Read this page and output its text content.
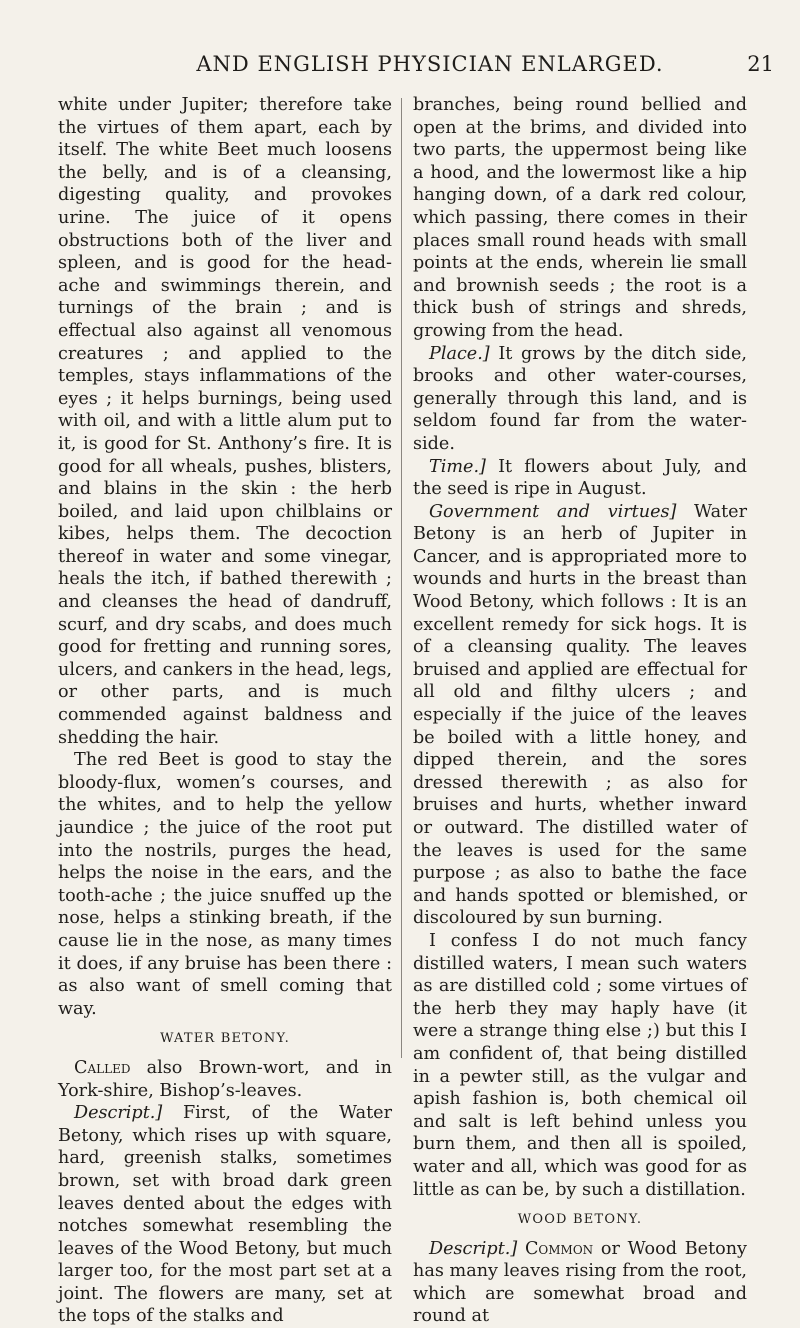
AND ENGLISH PHYSICIAN ENLARGED.	21

white under Jupiter; therefore take the virtues of them apart, each by itself. The white Beet much loosens the belly, and is of a cleansing, digesting quality, and provokes urine. The juice of it opens obstructions both of the liver and spleen, and is good for the head-ache and swimmings therein, and turnings of the brain ; and is effectual also against all venomous creatures ; and applied to the temples, stays inflammations of the eyes ; it helps burnings, being used with oil, and with a little alum put to it, is good for St. Anthony’s fire. It is good for all wheals, pushes, blisters, and blains in the skin : the herb boiled, and laid upon chilblains or kibes, helps them. The decoction thereof in water and some vinegar, heals the itch, if bathed therewith ; and cleanses the head of dandruff, scurf, and dry scabs, and does much good for fretting and running sores, ulcers, and cankers in the head, legs, or other parts, and is much commended against baldness and shedding the hair.

The red Beet is good to stay the bloody-flux, women’s courses, and the whites, and to help the yellow jaundice ; the juice of the root put into the nostrils, purges the head, helps the noise in the ears, and the tooth-ache ; the juice snuffed up the nose, helps a stinking breath, if the cause lie in the nose, as many times it does, if any bruise has been there : as also want of smell coming that way.

WATER BETONY.

Called also Brown-wort, and in York-shire, Bishop’s-leaves.

Descript.] First, of the Water Betony, which rises up with square, hard, greenish stalks, sometimes brown, set with broad dark green leaves dented about the edges with notches somewhat resembling the leaves of the Wood Betony, but much larger too, for the most part set at a joint. The flowers are many, set at the tops of the stalks and

branches, being round bellied and open at the brims, and divided into two parts, the uppermost being like a hood, and the lowermost like a hip hanging down, of a dark red colour, which passing, there comes in their places small round heads with small points at the ends, wherein lie small and brownish seeds ; the root is a thick bush of strings and shreds, growing from the head.

Place.] It grows by the ditch side, brooks and other water-courses, generally through this land, and is seldom found far from the water-side.

Time.] It flowers about July, and the seed is ripe in August.

Government and virtues] Water Betony is an herb of Jupiter in Cancer, and is appropriated more to wounds and hurts in the breast than Wood Betony, which follows : It is an excellent remedy for sick hogs. It is of a cleansing quality. The leaves bruised and applied are effectual for all old and filthy ulcers ; and especially if the juice of the leaves be boiled with a little honey, and dipped therein, and the sores dressed therewith ; as also for bruises and hurts, whether inward or outward. The distilled water of the leaves is used for the same purpose ; as also to bathe the face and hands spotted or blemished, or discoloured by sun burning.

I confess I do not much fancy distilled waters, I mean such waters as are distilled cold ; some virtues of the herb they may haply have (it were a strange thing else ;) but this I am confident of, that being distilled in a pewter still, as the vulgar and apish fashion is, both chemical oil and salt is left behind unless you burn them, and then all is spoiled, water and all, which was good for as little as can be, by such a distillation.

WOOD BETONY.

Descript.] Common or Wood Betony has many leaves rising from the root, which are somewhat broad and round at
